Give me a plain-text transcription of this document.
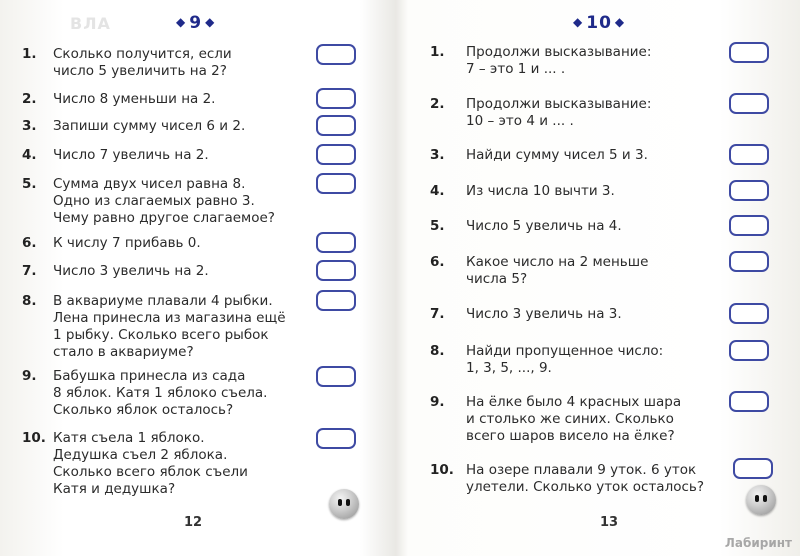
ВЛА	◆ 9 ◆
1. Сколько получится, если
число 5 увеличить на 2?
2. Число 8 уменьши на 2.
3. Запиши сумму чисел 6 и 2.
4. Число 7 увеличь на 2.
5. Сумма двух чисел равна 8.
Одно из слагаемых равно 3.
Чему равно другое слагаемое?
6. К числу 7 прибавь 0.
7. Число 3 увеличь на 2.
8. В аквариуме плавали 4 рыбки.
Лена принесла из магазина ещё
1 рыбку. Сколько всего рыбок
стало в аквариуме?
9. Бабушка принесла из сада
8 яблок. Катя 1 яблоко съела.
Сколько яблок осталось?
10. Катя съела 1 яблоко.
Дедушка съел 2 яблока.
Сколько всего яблок съели
Катя и дедушка?
12
◆ 10 ◆
1. Продолжи высказывание:
7 – это 1 и ... .
2. Продолжи высказывание:
10 – это 4 и ... .
3. Найди сумму чисел 5 и 3.
4. Из числа 10 вычти 3.
5. Число 5 увеличь на 4.
6. Какое число на 2 меньше
числа 5?
7. Число 3 увеличь на 3.
8. Найди пропущенное число:
1, 3, 5, ..., 9.
9. На ёлке было 4 красных шара
и столько же синих. Сколько
всего шаров висело на ёлке?
10. На озере плавали 9 уток. 6 уток
улетели. Сколько уток осталось?
13
Лабиринт
